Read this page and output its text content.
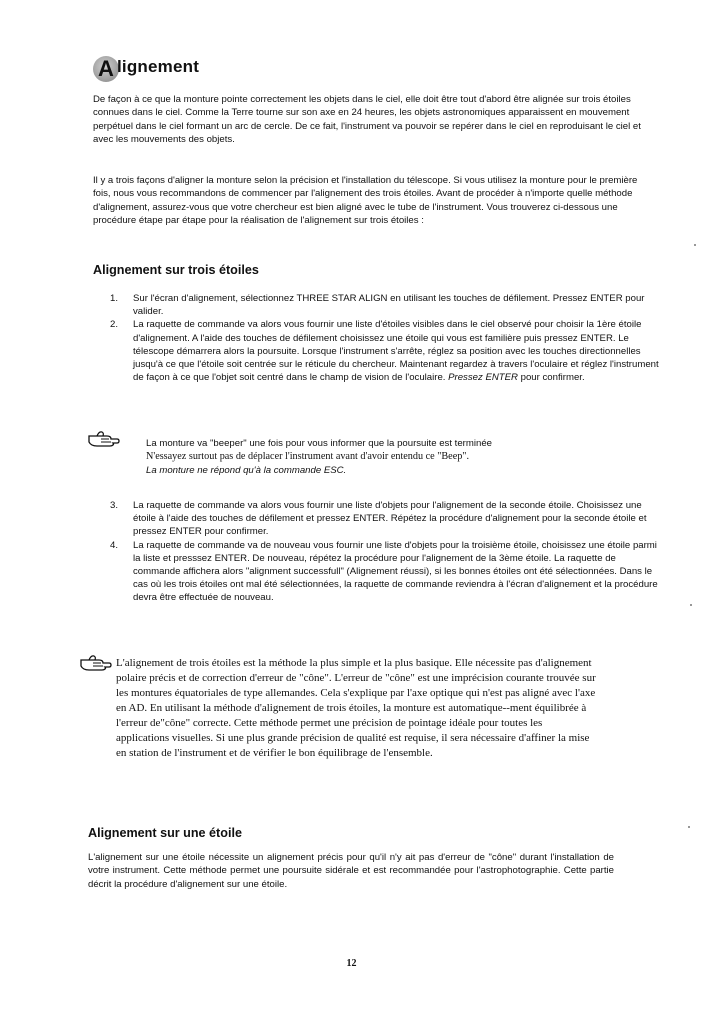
A lignement
De façon à ce que la monture pointe correctement les objets dans le ciel, elle doit être tout d'abord être alignée sur trois étoiles connues dans le ciel. Comme la Terre tourne sur son axe en 24 heures, les objets astronomiques apparaissent en mouvement perpétuel dans le ciel formant un arc de cercle. De ce fait, l'instrument va pouvoir se repérer dans le ciel en reproduisant le ciel et avec les mouvements des objets.
Il y a trois façons d'aligner la monture selon la précision et l'installation du télescope. Si vous utilisez la monture pour le première fois, nous vous recommandons de commencer par l'alignement des trois étoiles. Avant de procéder à n'importe quelle méthode d'alignement, assurez-vous que votre chercheur est bien aligné avec le tube de l'instrument. Vous trouverez ci-dessous une procédure étape par étape pour la réalisation de l'alignement sur trois étoiles :
Alignement sur trois étoiles
1. Sur l'écran d'alignement, sélectionnez THREE STAR ALIGN en utilisant les touches de défilement. Pressez ENTER pour valider.
2. La raquette de commande va alors vous fournir une liste d'étoiles visibles dans le ciel observé pour choisir la 1ère étoile d'alignement. A l'aide des touches de défilement choisissez une étoile qui vous est familière puis pressez ENTER. Le télescope démarrera alors la poursuite. Lorsque l'instrument s'arrête, réglez sa position avec les touches directionnelles jusqu'à ce que l'étoile soit centrée sur le réticule du chercheur. Maintenant regardez à travers l'oculaire et réglez l'instrument de façon à ce que l'objet soit centré dans le champ de vision de l'oculaire. Pressez ENTER pour confirmer.
La monture va "beeper" une fois pour vous informer que la poursuite est terminée
N'essayez surtout pas de déplacer l'instrument avant d'avoir entendu ce "Beep".
La monture ne répond qu'à la commande ESC.
3. La raquette de commande va alors vous fournir une liste d'objets pour l'alignement de la seconde étoile. Choisissez une étoile à l'aide des touches de défilement et pressez ENTER. Répétez la procédure d'alignement pour la seconde étoile et pressez ENTER pour confirmer.
4. La raquette de commande va de nouveau vous fournir une liste d'objets pour la troisième étoile, choisissez une étoile parmi la liste et presssez ENTER. De nouveau, répétez la procédure pour l'alignement de la 3ème étoile. La raquette de commande affichera alors "alignment successfull" (Alignement réussi), si les bonnes étoiles ont été sélectionnées. Dans le cas où les trois étoiles ont mal été sélectionnées, la raquette de commande reviendra à l'écran d'alignement et la procédure devra être effectuée de nouveau.
L'alignement de trois étoiles est la méthode la plus simple et la plus basique. Elle nécessite pas d'alignement polaire précis et de correction d'erreur de "cône". L'erreur de "cône" est une imprécision courante trouvée sur les montures équatoriales de type allemandes. Cela s'explique par l'axe optique qui n'est pas aligné avec l'axe en AD. En utilisant la méthode d'alignement de trois étoiles, la monture est automatique--ment équilibrée à l'erreur de"cône" correcte. Cette méthode permet une précision de pointage idéale pour toutes les applications visuelles. Si une plus grande précision de qualité est requise, il sera nécessaire d'affiner la mise en station de l'instrument et de vérifier le bon équilibrage de l'ensemble.
Alignement sur une étoile
L'alignement sur une étoile nécessite un alignement précis pour qu'il n'y ait pas d'erreur de "cône" durant l'installation de votre instrument. Cette méthode permet une poursuite sidérale et est recommandée pour l'astrophotographie. Cette partie décrit la procédure d'alignement sur une étoile.
12
